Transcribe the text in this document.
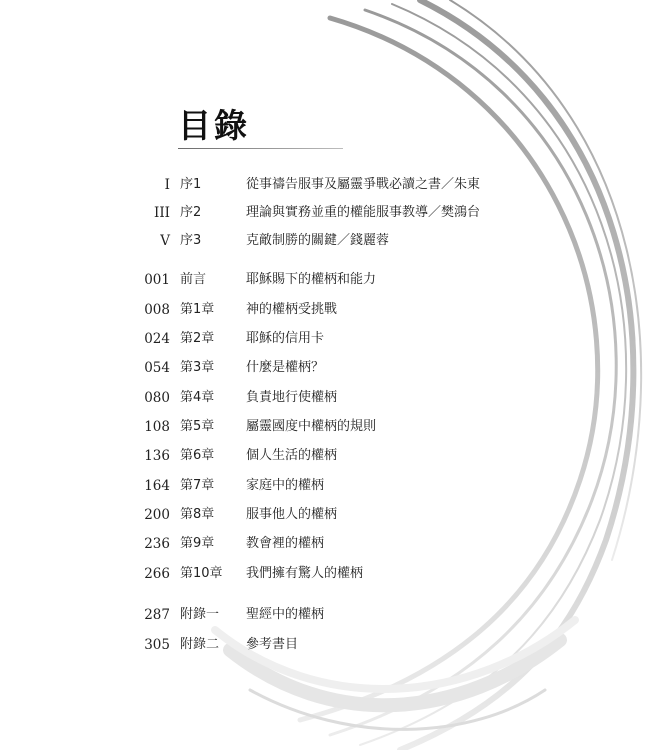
目錄
I 序1	從事禱告服事及屬靈爭戰必讀之書／朱東
III 序2	理論與實務並重的權能服事教導／樊鴻台
V 序3	克敵制勝的關鍵／錢麗蓉
001 前言	耶穌賜下的權柄和能力
008 第1章 神的權柄受挑戰
024 第2章 耶穌的信用卡
054 第3章 什麼是權柄？
080 第4章 負責地行使權柄
108 第5章 屬靈國度中權柄的規則
136 第6章 個人生活的權柄
164 第7章 家庭中的權柄
200 第8章 服事他人的權柄
236 第9章 教會裡的權柄
266 第10章 我們擁有驚人的權柄
287 附錄一 聖經中的權柄
305 附錄二 參考書目
